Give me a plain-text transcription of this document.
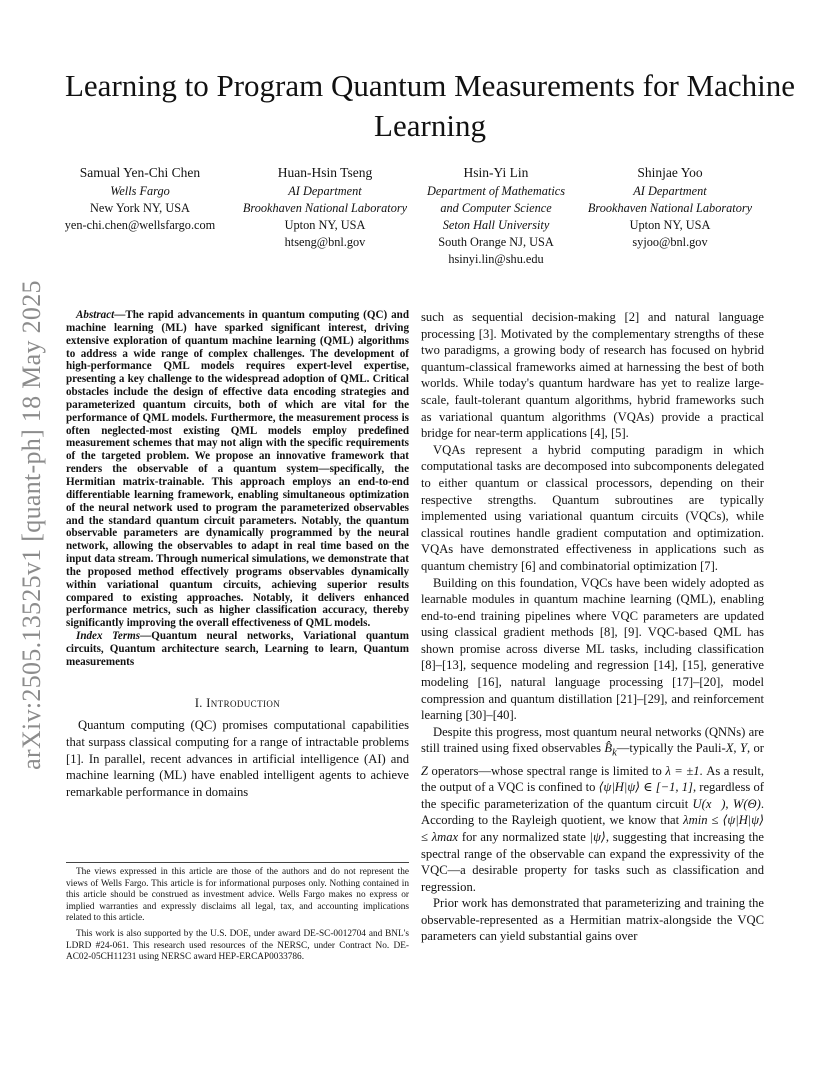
arXiv:2505.13525v1 [quant-ph] 18 May 2025
Learning to Program Quantum Measurements for Machine Learning
Samual Yen-Chi Chen
Wells Fargo
New York NY, USA
yen-chi.chen@wellsfargo.com
Huan-Hsin Tseng
AI Department
Brookhaven National Laboratory
Upton NY, USA
htseng@bnl.gov
Hsin-Yi Lin
Department of Mathematics
and Computer Science
Seton Hall University
South Orange NJ, USA
hsinyi.lin@shu.edu
Shinjae Yoo
AI Department
Brookhaven National Laboratory
Upton NY, USA
syjoo@bnl.gov

Abstract—The rapid advancements in quantum computing (QC) and machine learning (ML) have sparked significant interest, driving extensive exploration of quantum machine learning (QML) algorithms to address a wide range of complex challenges. The development of high-performance QML models requires expert-level expertise, presenting a key challenge to the widespread adoption of QML. Critical obstacles include the design of effective data encoding strategies and parameterized quantum circuits, both of which are vital for the performance of QML models. Furthermore, the measurement process is often neglected-most existing QML models employ predefined measurement schemes that may not align with the specific requirements of the targeted problem. We propose an innovative framework that renders the observable of a quantum system—specifically, the Hermitian matrix-trainable. This approach employs an end-to-end differentiable learning framework, enabling simultaneous optimization of the neural network used to program the parameterized observables and the standard quantum circuit parameters. Notably, the quantum observable parameters are dynamically programmed by the neural network, allowing the observables to adapt in real time based on the input data stream. Through numerical simulations, we demonstrate that the proposed method effectively programs observables dynamically within variational quantum circuits, achieving superior results compared to existing approaches. Notably, it delivers enhanced performance metrics, such as higher classification accuracy, thereby significantly improving the overall effectiveness of QML models.

Index Terms—Quantum neural networks, Variational quantum circuits, Quantum architecture search, Learning to learn, Quantum measurements

I. Introduction

Quantum computing (QC) promises computational capabilities that surpass classical computing for a range of intractable problems [1]. In parallel, recent advances in artificial intelligence (AI) and machine learning (ML) have enabled intelligent agents to achieve remarkable performance in domains

The views expressed in this article are those of the authors and do not represent the views of Wells Fargo. This article is for informational purposes only. Nothing contained in this article should be construed as investment advice. Wells Fargo makes no express or implied warranties and expressly disclaims all legal, tax, and accounting implications related to this article.

This work is also supported by the U.S. DOE, under award DE-SC-0012704 and BNL's LDRD #24-061. This research used resources of the NERSC, under Contract No. DE-AC02-05CH11231 using NERSC award HEP-ERCAP0033786.

such as sequential decision-making [2] and natural language processing [3]. Motivated by the complementary strengths of these two paradigms, a growing body of research has focused on hybrid quantum-classical frameworks aimed at harnessing the best of both worlds. While today's quantum hardware has yet to realize large-scale, fault-tolerant quantum algorithms, hybrid frameworks such as variational quantum algorithms (VQAs) provide a practical bridge for near-term applications [4], [5].

VQAs represent a hybrid computing paradigm in which computational tasks are decomposed into subcomponents delegated to either quantum or classical processors, depending on their respective strengths. Quantum subroutines are typically implemented using variational quantum circuits (VQCs), while classical routines handle gradient computation and optimization. VQAs have demonstrated effectiveness in applications such as quantum chemistry [6] and combinatorial optimization [7].

Building on this foundation, VQCs have been widely adopted as learnable modules in quantum machine learning (QML), enabling end-to-end training pipelines where VQC parameters are updated using classical gradient methods [8], [9]. VQC-based QML has shown promise across diverse ML tasks, including classification [8]–[13], sequence modeling and regression [14], [15], generative modeling [16], natural language processing [17]–[20], model compression and quantum distillation [21]–[29], and reinforcement learning [30]–[40].

Despite this progress, most quantum neural networks (QNNs) are still trained using fixed observables $B̂_k—typically$ the Pauli-X, Y, or Z operators—whose spectral range is limited to λ = ±1. As a result, the output of a VQC is confined to ⟨ψ|H|ψ⟩ ∈ [−1, 1], regardless of the specific parameterization of the quantum circuit U(x⃗), W(Θ). According to the Rayleigh quotient, we know that λmin ≤ ⟨ψ|H|ψ⟩ ≤ λmax for any normalized state |ψ⟩, suggesting that increasing the spectral range of the observable can expand the expressivity of the VQC—a desirable property for tasks such as classification and regression.

Prior work has demonstrated that parameterizing and training the observable-represented as a Hermitian matrix-alongside the VQC parameters can yield substantial gains over
